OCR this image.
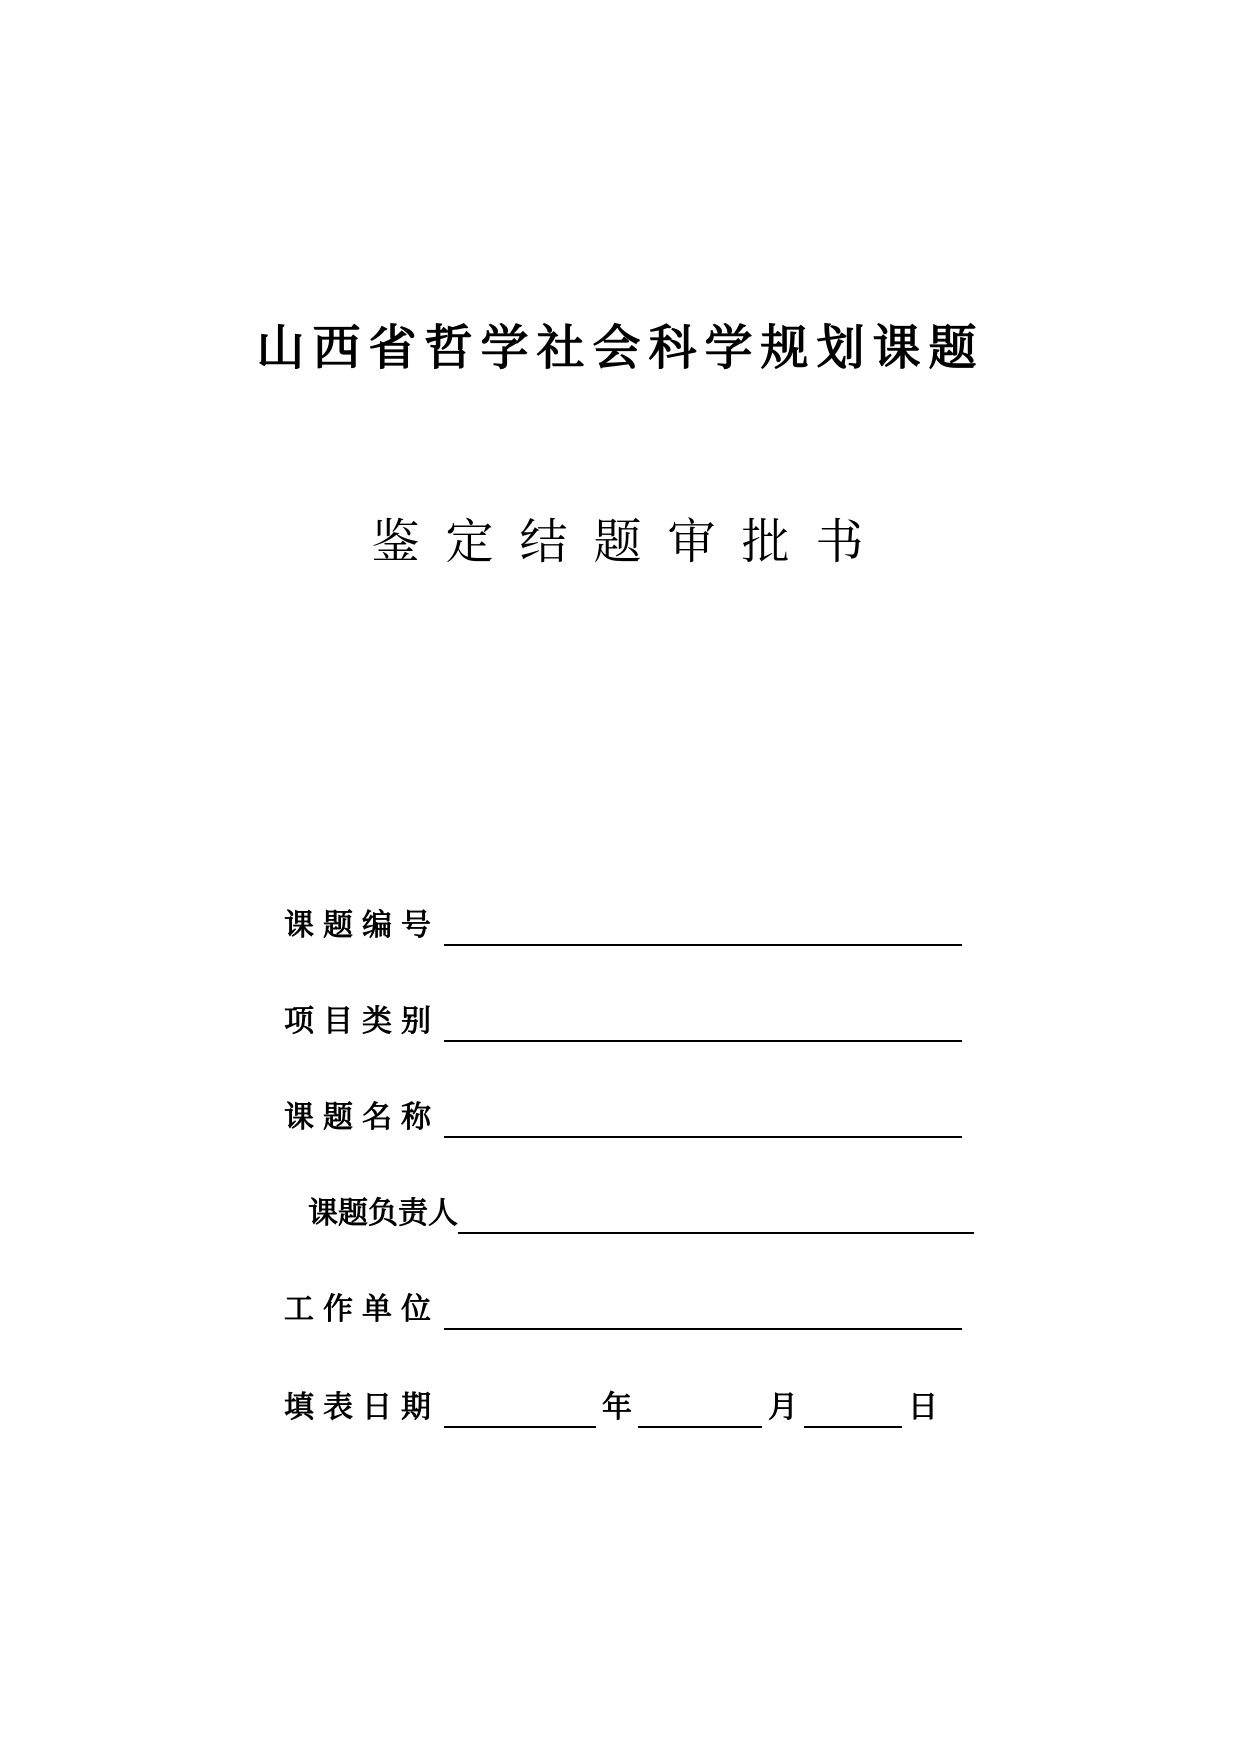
山西省哲学社会科学规划课题
鉴定结题审批书
课题编号
项目类别
课题名称
课题负责人
工作单位
填表日期	年	月	日
